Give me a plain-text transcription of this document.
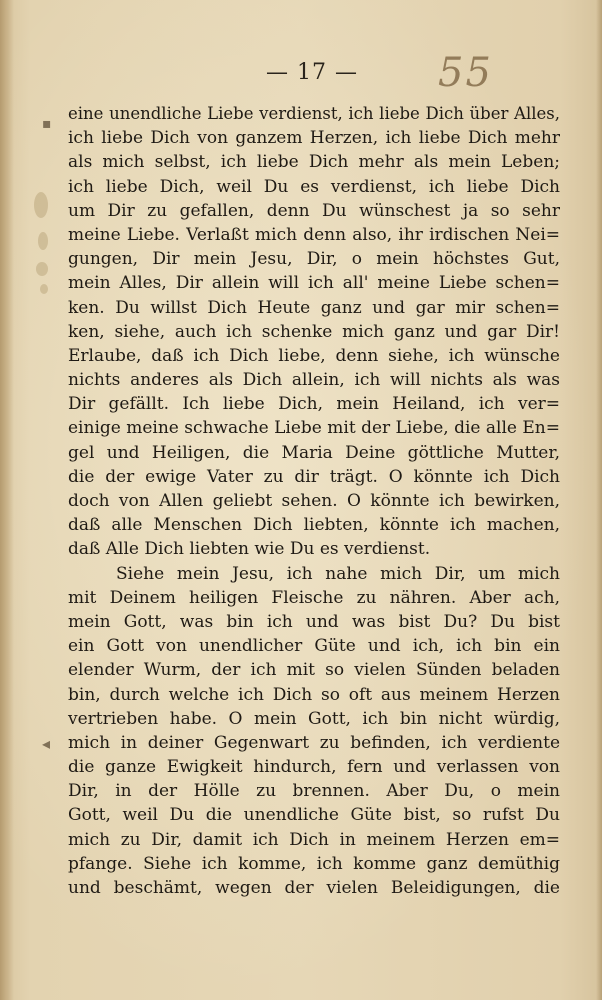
▪
◂
— 17 —	55
eine unendliche Liebe verdienst, ich liebe Dich über Alles,
ich liebe Dich von ganzem Herzen, ich liebe Dich mehr
als mich selbst, ich liebe Dich mehr als mein Leben;
ich liebe Dich, weil Du es verdienst, ich liebe Dich
um Dir zu gefallen, denn Du wünschest ja so sehr
meine Liebe. Verlaßt mich denn also, ihr irdischen Nei=
gungen, Dir mein Jesu, Dir, o mein höchstes Gut,
mein Alles, Dir allein will ich all' meine Liebe schen=
ken. Du willst Dich Heute ganz und gar mir schen=
ken, siehe, auch ich schenke mich ganz und gar Dir!
Erlaube, daß ich Dich liebe, denn siehe, ich wünsche
nichts anderes als Dich allein, ich will nichts als was
Dir gefällt. Ich liebe Dich, mein Heiland, ich ver=
einige meine schwache Liebe mit der Liebe, die alle En=
gel und Heiligen, die Maria Deine göttliche Mutter,
die der ewige Vater zu dir trägt. O könnte ich Dich
doch von Allen geliebt sehen. O könnte ich bewirken,
daß alle Menschen Dich liebten, könnte ich machen,
daß Alle Dich liebten wie Du es verdienst.
Siehe mein Jesu, ich nahe mich Dir, um mich
mit Deinem heiligen Fleische zu nähren. Aber ach,
mein Gott, was bin ich und was bist Du? Du bist
ein Gott von unendlicher Güte und ich, ich bin ein
elender Wurm, der ich mit so vielen Sünden beladen
bin, durch welche ich Dich so oft aus meinem Herzen
vertrieben habe. O mein Gott, ich bin nicht würdig,
mich in deiner Gegenwart zu befinden, ich verdiente
die ganze Ewigkeit hindurch, fern und verlassen von
Dir, in der Hölle zu brennen. Aber Du, o mein
Gott, weil Du die unendliche Güte bist, so rufst Du
mich zu Dir, damit ich Dich in meinem Herzen em=
pfange. Siehe ich komme, ich komme ganz demüthig
und beschämt, wegen der vielen Beleidigungen, die
